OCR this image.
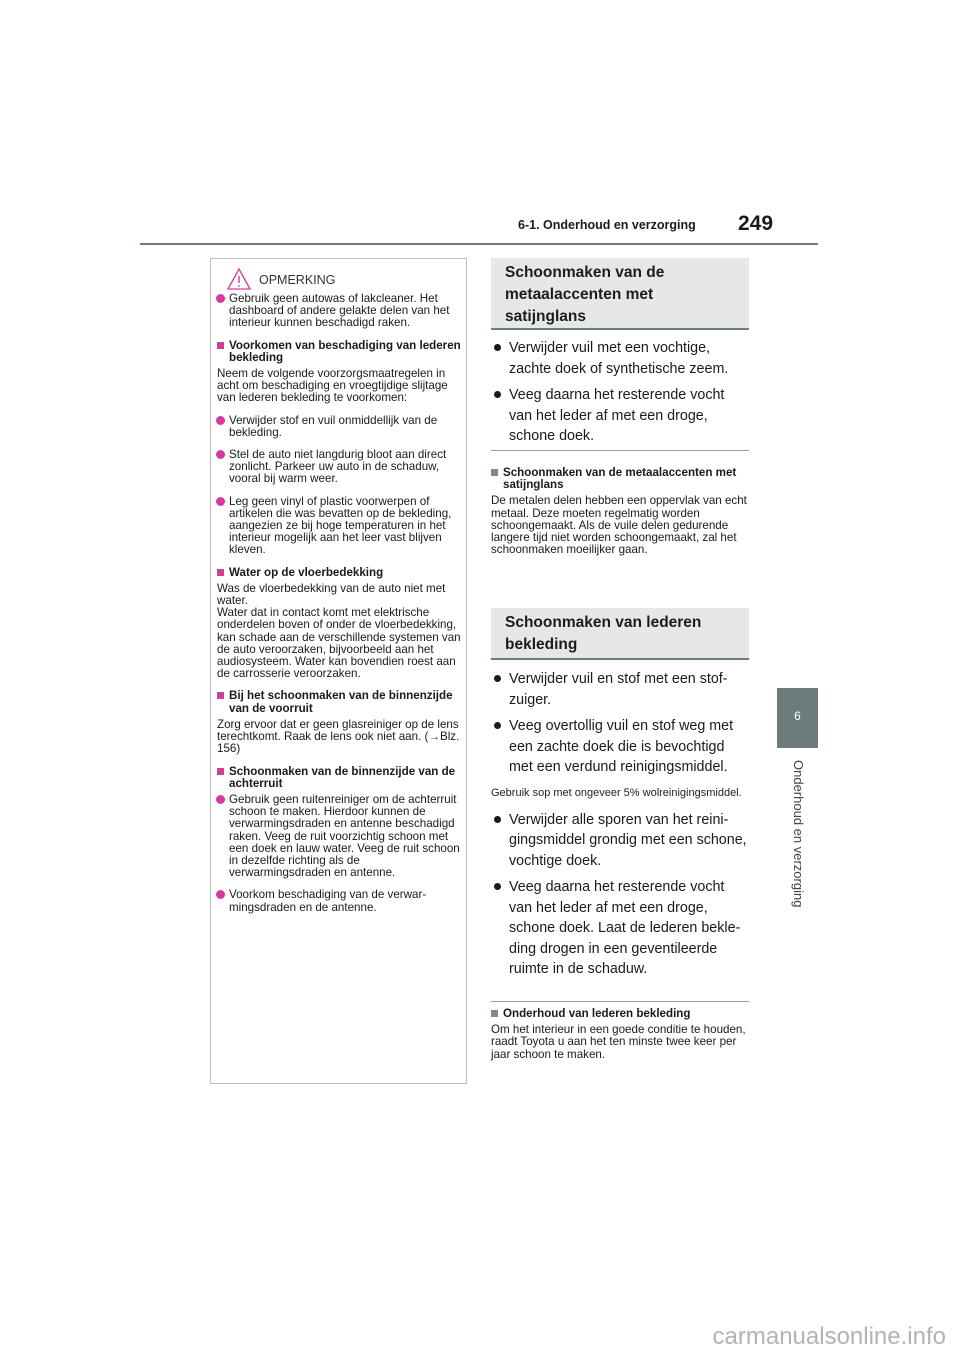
6-1. Onderhoud en verzorging 249
6
Onderhoud en verzorging
OPMERKING
Gebruik geen autowas of lakcleaner. Het dashboard of andere gelakte delen van het interieur kunnen beschadigd raken.
Voorkomen van beschadiging van lederen bekleding
Neem de volgende voorzorgsmaatregelen in acht om beschadiging en vroegtijdige slijtage van lederen bekleding te voorkomen:
Verwijder stof en vuil onmiddellijk van de bekleding.
Stel de auto niet langdurig bloot aan direct zonlicht. Parkeer uw auto in de schaduw, vooral bij warm weer.
Leg geen vinyl of plastic voorwerpen of artikelen die was bevatten op de bekleding, aangezien ze bij hoge temperaturen in het interieur mogelijk aan het leer vast blijven kleven.
Water op de vloerbedekking
Was de vloerbedekking van de auto niet met water.
Water dat in contact komt met elektrische onderdelen boven of onder de vloerbedekking, kan schade aan de verschillende systemen van de auto veroorzaken, bijvoorbeeld aan het audiosysteem. Water kan bovendien roest aan de carrosserie veroorzaken.
Bij het schoonmaken van de binnenzijde van de voorruit
Zorg ervoor dat er geen glasreiniger op de lens terechtkomt. Raak de lens ook niet aan. (→Blz. 156)
Schoonmaken van de binnenzijde van de achterruit
Gebruik geen ruitenreiniger om de achterruit schoon te maken. Hierdoor kunnen de verwarmingsdraden en antenne beschadigd raken. Veeg de ruit voorzichtig schoon met een doek en lauw water. Veeg de ruit schoon in dezelfde richting als de verwarmingsdraden en antenne.
Voorkom beschadiging van de verwarmingsdraden en de antenne.
Schoonmaken van de metaalaccenten met satijnglans
Verwijder vuil met een vochtige, zachte doek of synthetische zeem.
Veeg daarna het resterende vocht van het leder af met een droge, schone doek.
Schoonmaken van de metaalaccenten met satijnglans
De metalen delen hebben een oppervlak van echt metaal. Deze moeten regelmatig worden schoongemaakt. Als de vuile delen gedurende langere tijd niet worden schoongemaakt, zal het schoonmaken moeilijker gaan.
Schoonmaken van lederen bekleding
Verwijder vuil en stof met een stofzuiger.
Veeg overtollig vuil en stof weg met een zachte doek die is bevochtigd met een verdund reinigingsmiddel.
Gebruik sop met ongeveer 5% wolreinigingsmiddel.
Verwijder alle sporen van het reinigingsmiddel grondig met een schone, vochtige doek.
Veeg daarna het resterende vocht van het leder af met een droge, schone doek. Laat de lederen bekleding drogen in een geventileerde ruimte in de schaduw.
Onderhoud van lederen bekleding
Om het interieur in een goede conditie te houden, raadt Toyota u aan het ten minste twee keer per jaar schoon te maken.
carmanualsonline.info
